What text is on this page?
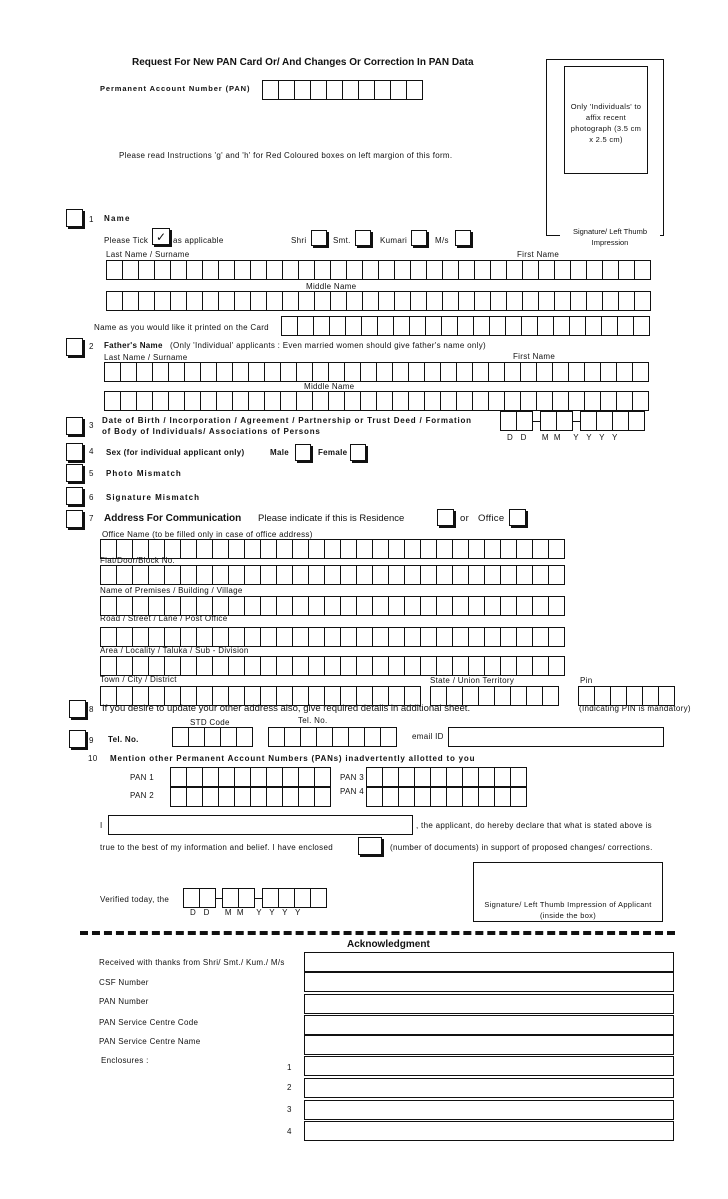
Request For New PAN Card Or/ And Changes Or Correction In PAN Data
Permanent Account Number (PAN)
Only 'Individuals' to affix recent photograph (3.5 cm x 2.5 cm)
Signature/ Left Thumb Impression
Please read Instructions 'g' and 'h' for Red Coloured boxes on left margion of this form.
1 Name
Please Tick ✓ as applicable	Shri	Smt.	Kumari	M/s
Last Name / Surname	First Name
Middle Name
Name as you would like it printed on the Card
2 Father's Name (Only 'Individual' applicants : Even married women should give father's name only)
Last Name / Surname	First Name
Middle Name
3
Date of Birth / Incorporation / Agreement / Partnership or Trust Deed / Formation
of Body of Individuals/ Associations of Persons
D   D      M  M     Y   Y   Y   Y
4 Sex (for individual applicant only)	Male	Female
5 Photo Mismatch
6 Signature Mismatch
7 Address For Communication Please indicate if this is Residence	or Office
Office Name (to be filled only in case of office address)
Flat/Door/Block No.
Name of Premises / Building / Village
Road / Street / Lane / Post Office
Area / Locality / Taluka / Sub - Division
Town / City / District	State / Union Territory	Pin
8 If you desire to update your other address also, give required details in additional sheet.	(Indicating PIN is mandatory)
STD Code	Tel. No.
9 Tel. No.	email ID
10 Mention other Permanent Account Numbers (PANs) inadvertently allotted to you
PAN 1
PAN 2
PAN 3
PAN 4
I	, the applicant, do hereby declare that what is stated above is
true to the best of my information and belief. I have enclosed	(number of documents) in support of proposed changes/ corrections.
Verified today, the
D   D      M  M     Y   Y   Y   Y
Signature/ Left Thumb Impression of Applicant (inside the box)
Acknowledgment
Received with thanks from Shri/ Smt./ Kum./ M/s
CSF Number
PAN Number
PAN Service Centre Code
PAN Service Centre Name
Enclosures :
1
2
3
4
